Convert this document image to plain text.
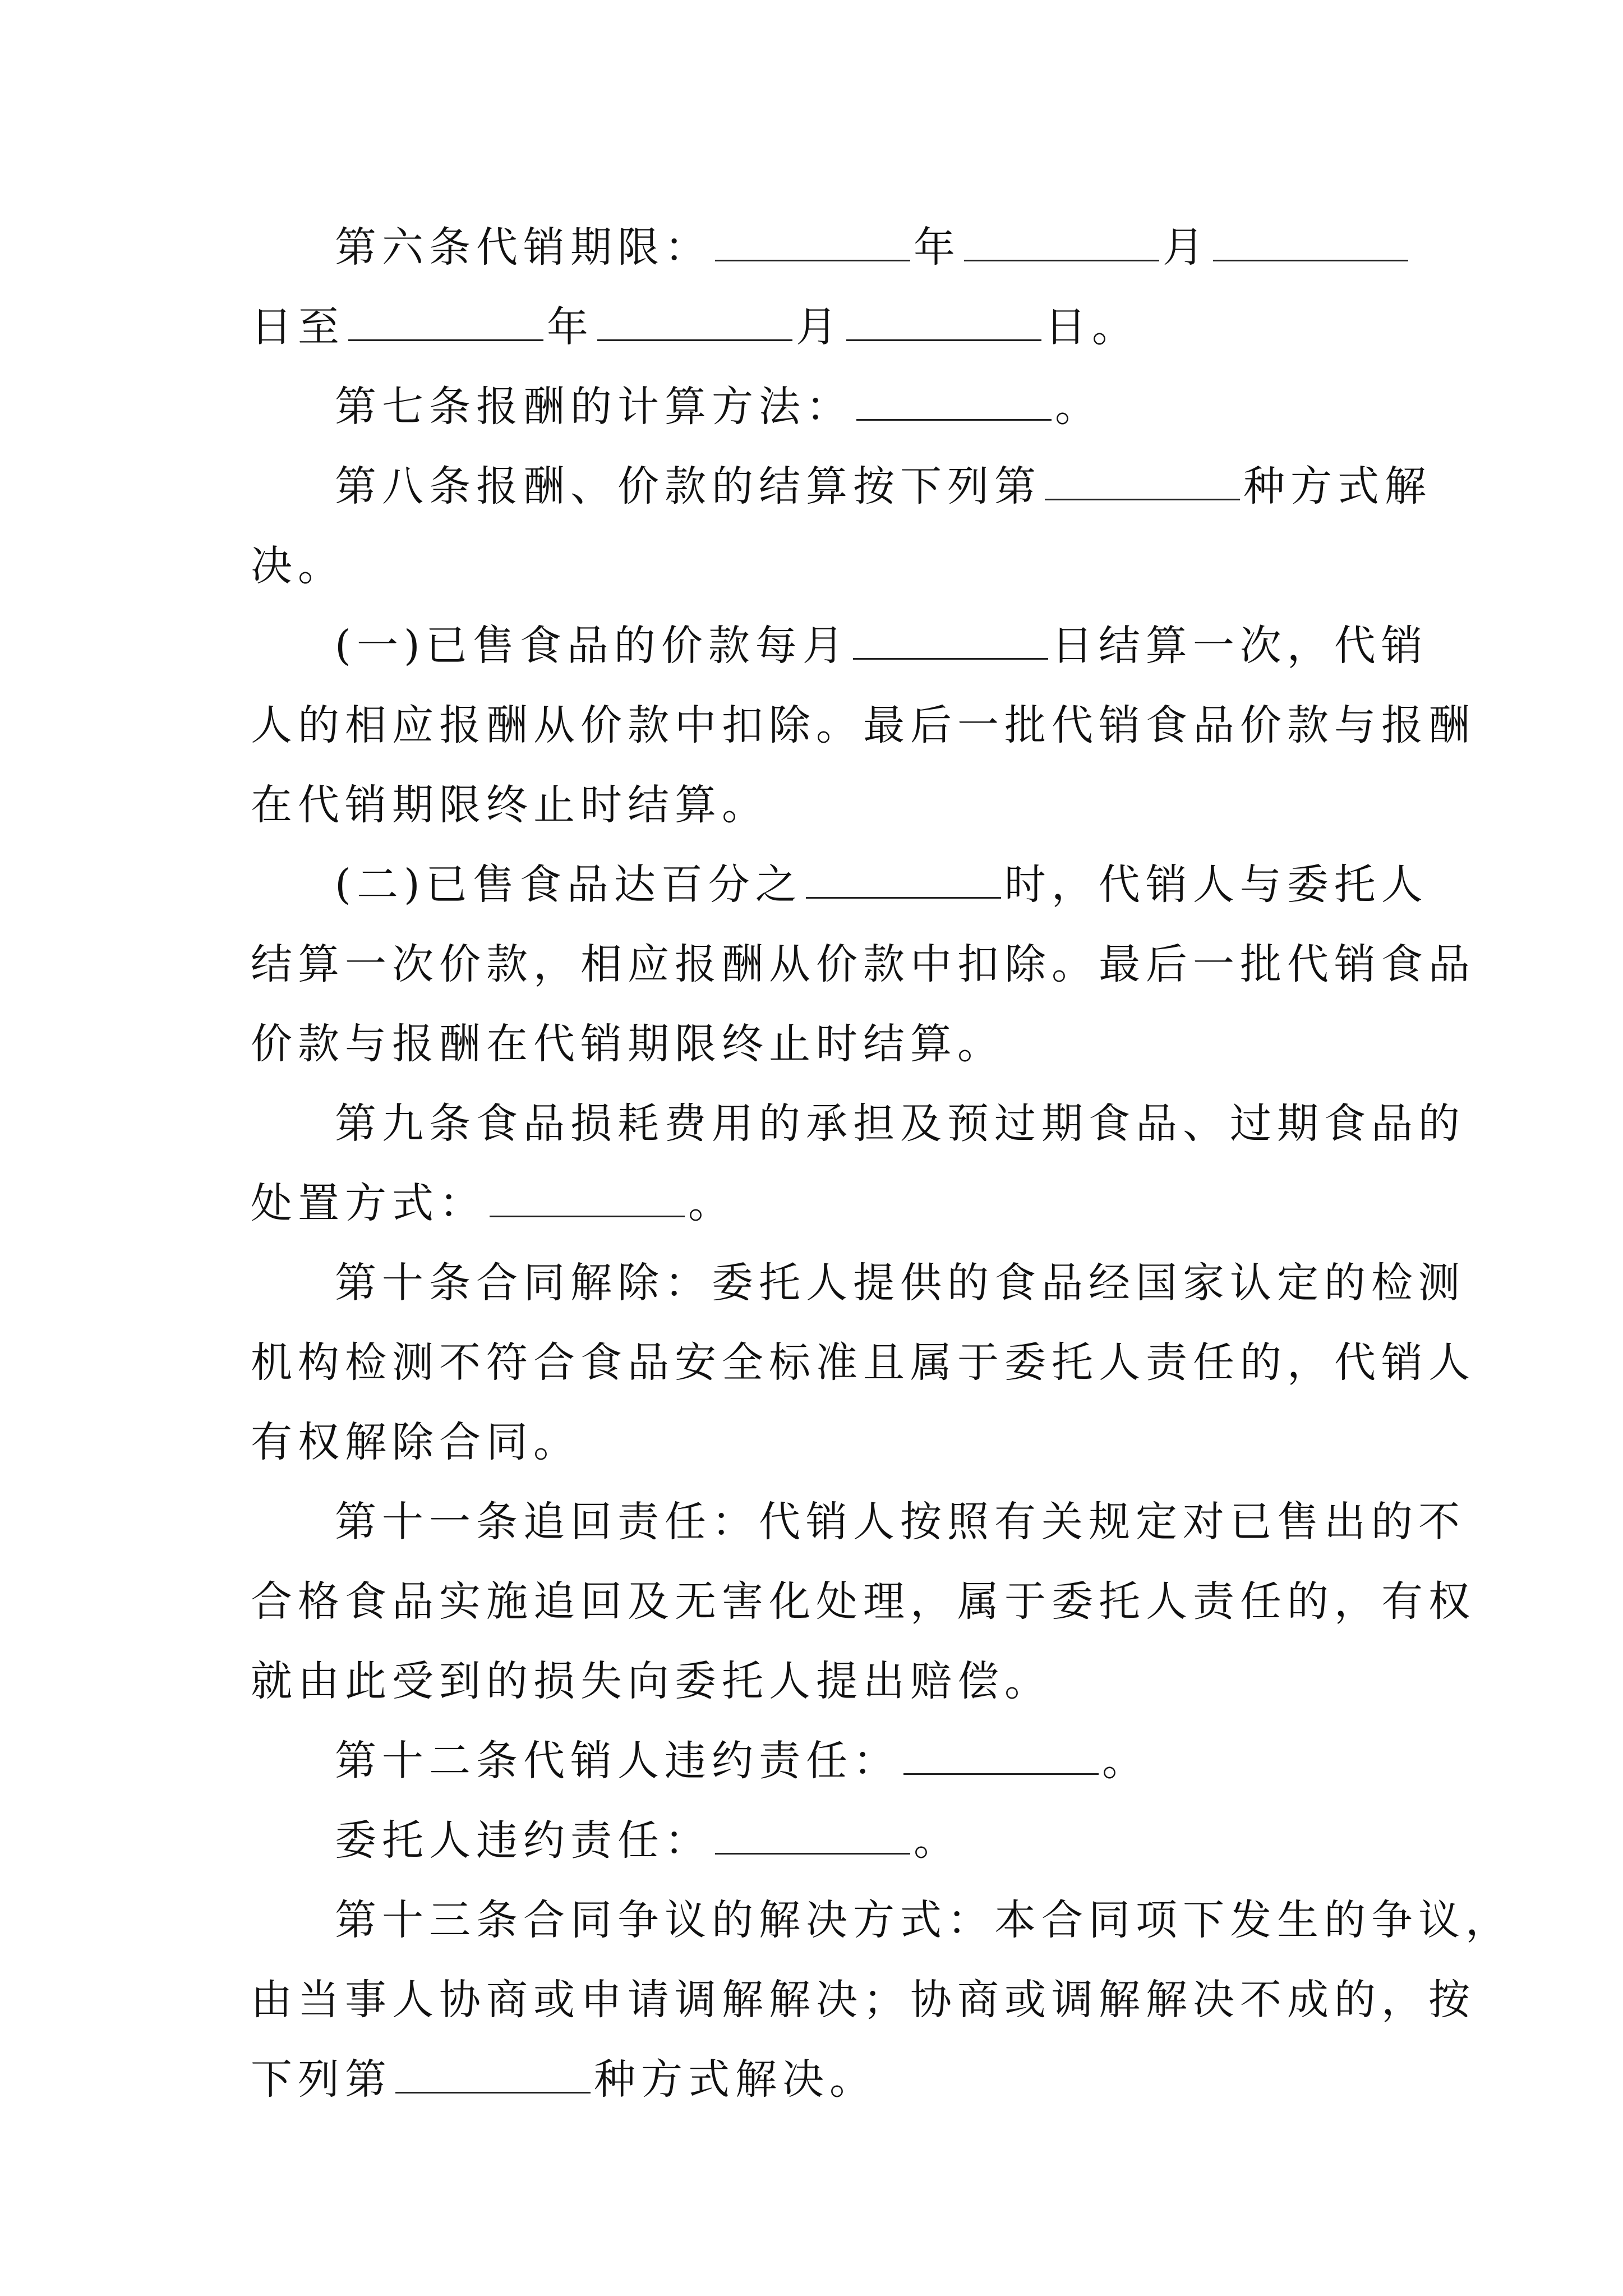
第六条代销期限：	年	月
日至	年	月	日。
第七条报酬的计算方法：	。
第八条报酬、价款的结算按下列第	种方式解
决。
(一)已售食品的价款每月	日结算一次，代销
人的相应报酬从价款中扣除。最后一批代销食品价款与报酬
在代销期限终止时结算。
(二)已售食品达百分之	时，代销人与委托人
结算一次价款，相应报酬从价款中扣除。最后一批代销食品
价款与报酬在代销期限终止时结算。
第九条食品损耗费用的承担及预过期食品、过期食品的
处置方式：	。
第十条合同解除：委托人提供的食品经国家认定的检测
机构检测不符合食品安全标准且属于委托人责任的，代销人
有权解除合同。
第十一条追回责任：代销人按照有关规定对已售出的不
合格食品实施追回及无害化处理，属于委托人责任的，有权
就由此受到的损失向委托人提出赔偿。
第十二条代销人违约责任：	。
委托人违约责任：	。
第十三条合同争议的解决方式：本合同项下发生的争议，
由当事人协商或申请调解解决；协商或调解解决不成的，按
下列第	种方式解决。
